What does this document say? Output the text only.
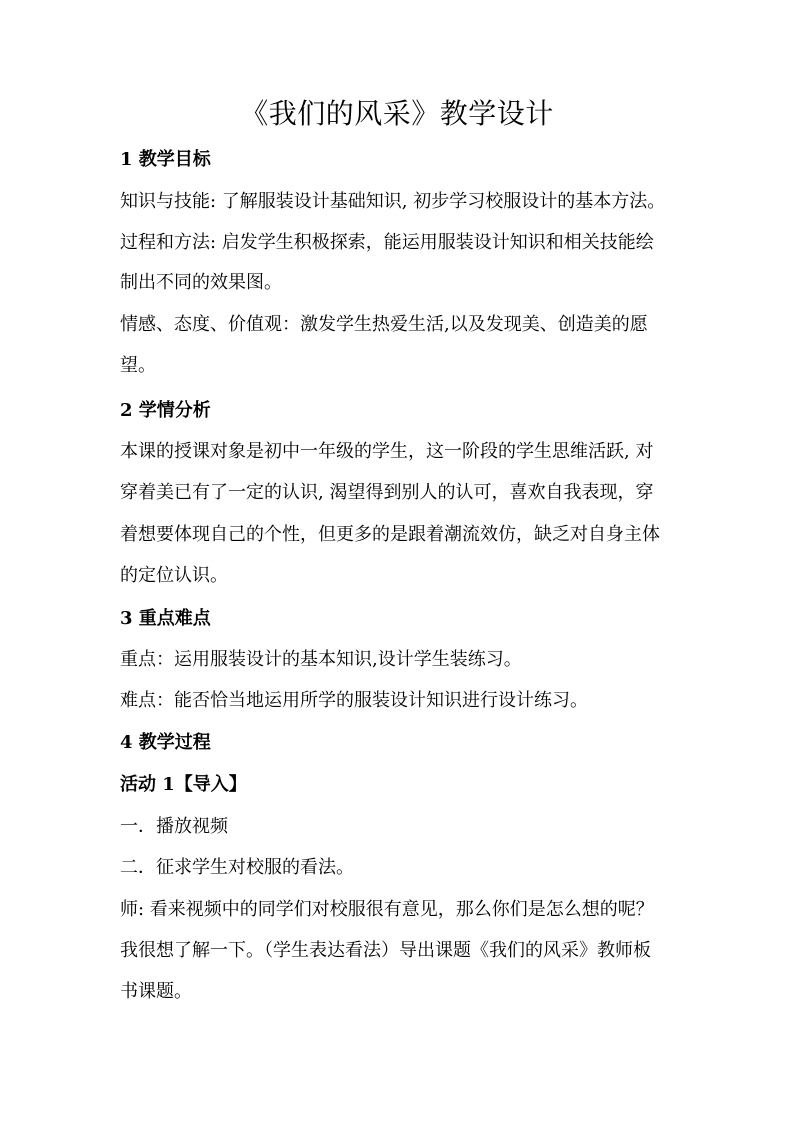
《我们的风采》教学设计
1 教学目标
知识与技能: 了解服装设计基础知识, 初步学习校服设计的基本方法。
过程和方法: 启发学生积极探索，能运用服装设计知识和相关技能绘
制出不同的效果图。
情感、态度、价值观：激发学生热爱生活,以及发现美、创造美的愿
望。
2 学情分析
本课的授课对象是初中一年级的学生，这一阶段的学生思维活跃, 对
穿着美已有了一定的认识, 渴望得到别人的认可，喜欢自我表现，穿
着想要体现自己的个性，但更多的是跟着潮流效仿，缺乏对自身主体
的定位认识。
3 重点难点
重点：运用服装设计的基本知识,设计学生装练习。
难点：能否恰当地运用所学的服装设计知识进行设计练习。
4 教学过程
活动 1【导入】
一．播放视频
二．征求学生对校服的看法。
师: 看来视频中的同学们对校服很有意见，那么你们是怎么想的呢？
我很想了解一下。（学生表达看法）导出课题《我们的风采》教师板
书课题。
